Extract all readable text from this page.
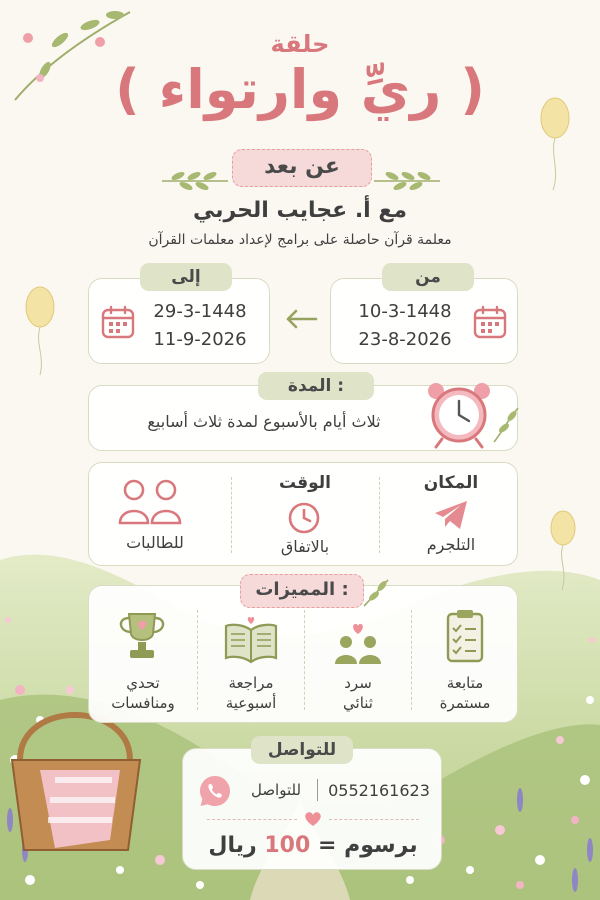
حلقة
( ريِّ وارتواء )
عن بعد
مع أ. عجايب الحربي
معلمة قرآن حاصلة على برامج لإعداد معلمات القرآن
29-3-1448
11-9-2026
إلى
10-3-1448
23-8-2026
من
ثلاث أيام بالأسبوع لمدة ثلاث أسابيع
المدة :
للطالبات
الوقت
بالاتفاق
المكان
التلجرم
تحدي
ومنافسات
مراجعة
أسبوعية
سرد
ثنائي
متابعة
مستمرة
المميزات :
للتواصل	0552161623
برسوم = 100 ريال
للتواصل
